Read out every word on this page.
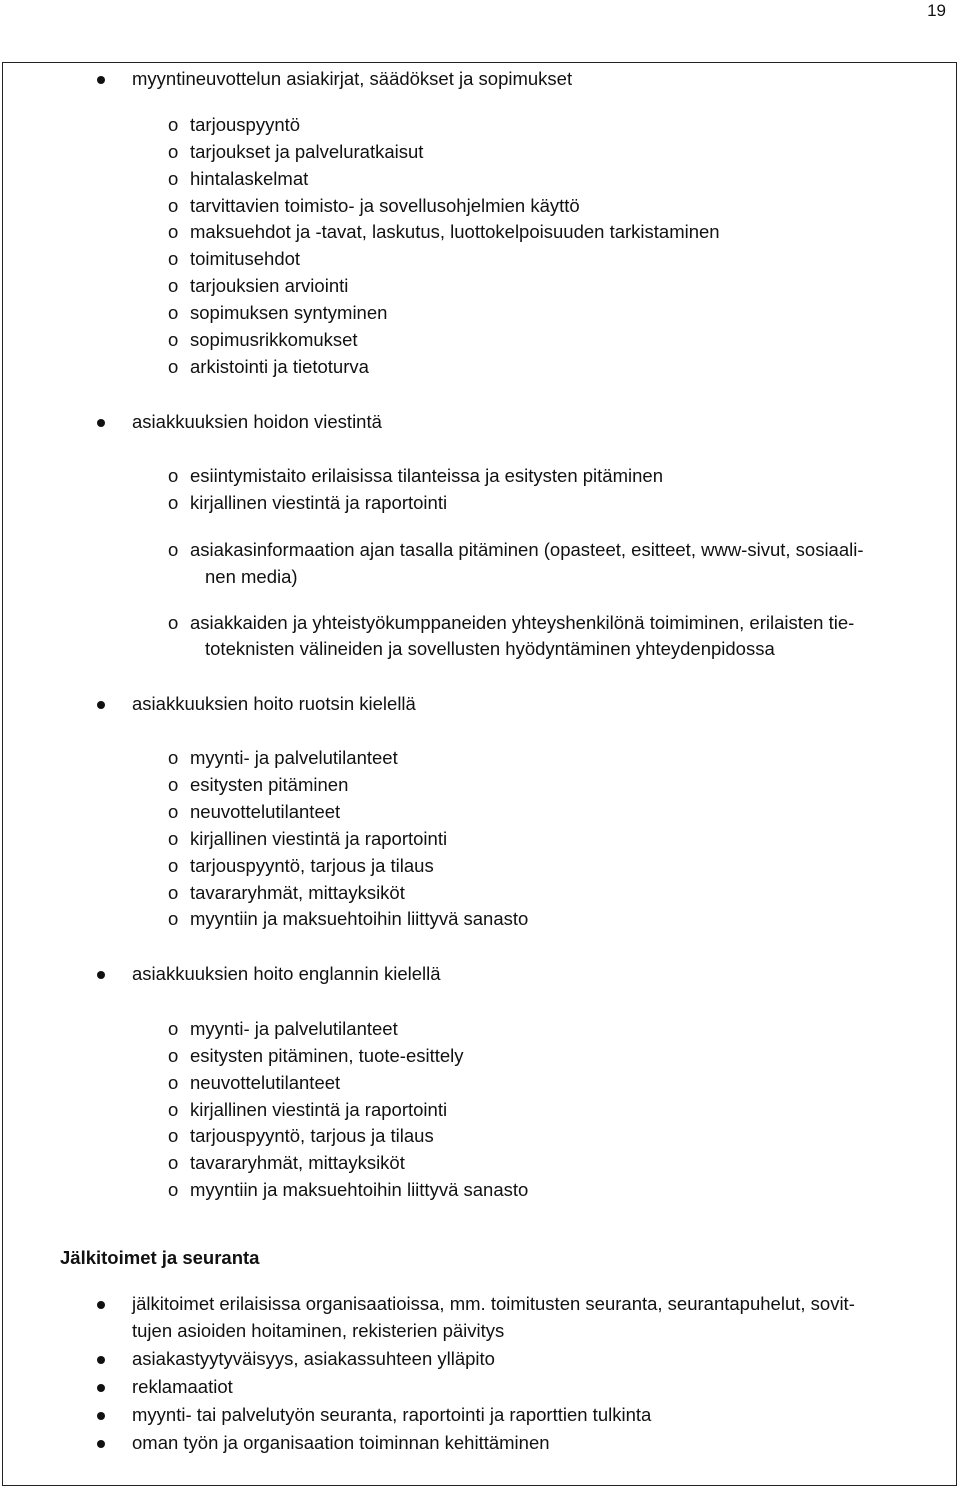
19
myyntineuvottelun asiakirjat, säädökset ja sopimukset
o tarjouspyyntö
o tarjoukset ja palveluratkaisut
o hintalaskelmat
o tarvittavien toimisto- ja sovellusohjelmien käyttö
o maksuehdot ja -tavat, laskutus, luottokelpoisuuden tarkistaminen
o toimitusehdot
o tarjouksien arviointi
o sopimuksen syntyminen
o sopimusrikkomukset
o arkistointi ja tietoturva
asiakkuuksien hoidon viestintä
o esiintymistaito erilaisissa tilanteissa ja esitysten pitäminen
o kirjallinen viestintä ja raportointi
o asiakasinformaation ajan tasalla pitäminen (opasteet, esitteet, www-sivut, sosiaali-
nen media)
o asiakkaiden ja yhteistyökumppaneiden yhteyshenkilönä toimiminen, erilaisten tie-
toteknisten välineiden ja sovellusten hyödyntäminen yhteydenpidossa
asiakkuuksien hoito ruotsin kielellä
o myynti- ja palvelutilanteet
o esitysten pitäminen
o neuvottelutilanteet
o kirjallinen viestintä ja raportointi
o tarjouspyyntö, tarjous ja tilaus
o tavararyhmät, mittayksiköt
o myyntiin ja maksuehtoihin liittyvä sanasto
asiakkuuksien hoito englannin kielellä
o myynti- ja palvelutilanteet
o esitysten pitäminen, tuote-esittely
o neuvottelutilanteet
o kirjallinen viestintä ja raportointi
o tarjouspyyntö, tarjous ja tilaus
o tavararyhmät, mittayksiköt
o myyntiin ja maksuehtoihin liittyvä sanasto
Jälkitoimet ja seuranta
jälkitoimet erilaisissa organisaatioissa, mm. toimitusten seuranta, seurantapuhelut, sovit-
tujen asioiden hoitaminen, rekisterien päivitys
asiakastyytyväisyys, asiakassuhteen ylläpito
reklamaatiot
myynti- tai palvelutyön seuranta, raportointi ja raporttien tulkinta
oman työn ja organisaation toiminnan kehittäminen
